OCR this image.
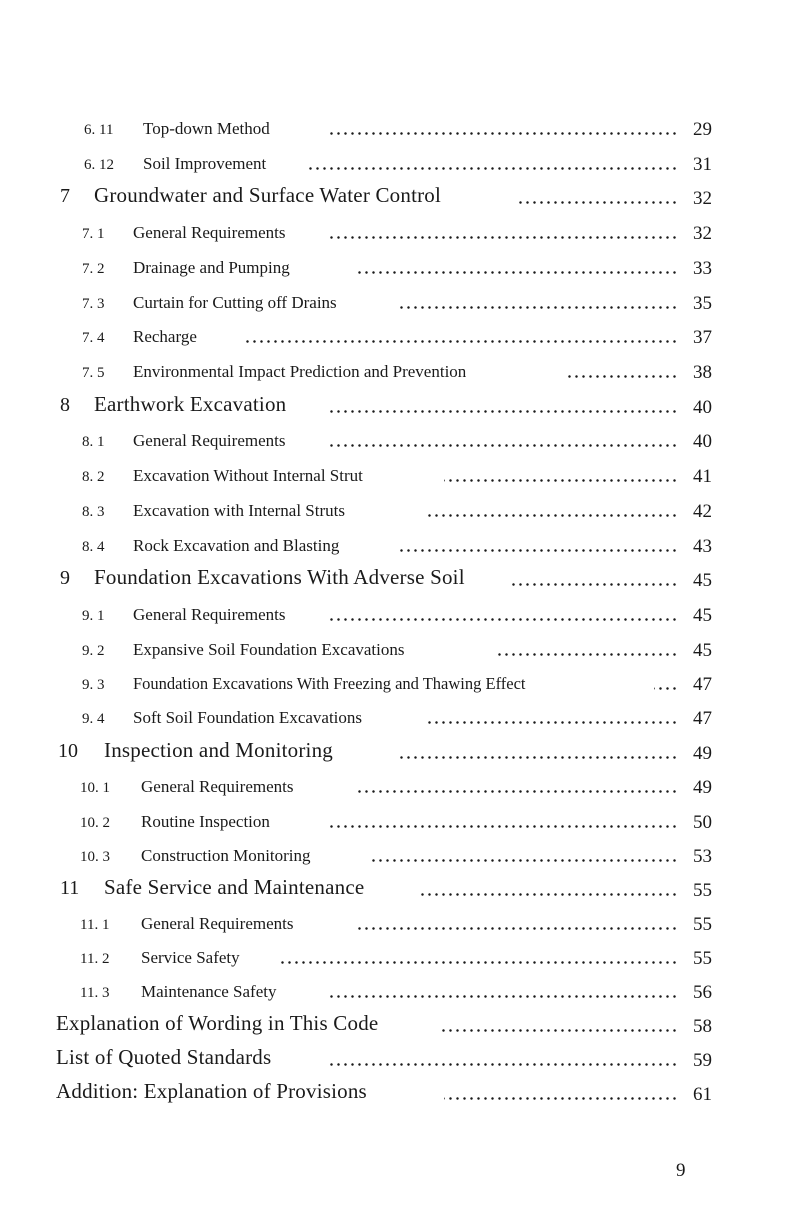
6. 11 Top-down Method	29
6. 12 Soil Improvement	31
7 Groundwater and Surface Water Control	32
7. 1 General Requirements	32
7. 2 Drainage and Pumping	33
7. 3 Curtain for Cutting off Drains	35
7. 4 Recharge	37
7. 5 Environmental Impact Prediction and Prevention	38
8 Earthwork Excavation	40
8. 1 General Requirements	40
8. 2 Excavation Without Internal Strut	41
8. 3 Excavation with Internal Struts	42
8. 4 Rock Excavation and Blasting	43
9 Foundation Excavations With Adverse Soil	45
9. 1 General Requirements	45
9. 2 Expansive Soil Foundation Excavations	45
9. 3 Foundation Excavations With Freezing and Thawing Effect	47
9. 4 Soft Soil Foundation Excavations	47
10 Inspection and Monitoring	49
10. 1 General Requirements	49
10. 2 Routine Inspection	50
10. 3 Construction Monitoring	53
11 Safe Service and Maintenance	55
11. 1 General Requirements	55
11. 2 Service Safety	55
11. 3 Maintenance Safety	56
Explanation of Wording in This Code	58
List of Quoted Standards	59
Addition: Explanation of Provisions	61
9
